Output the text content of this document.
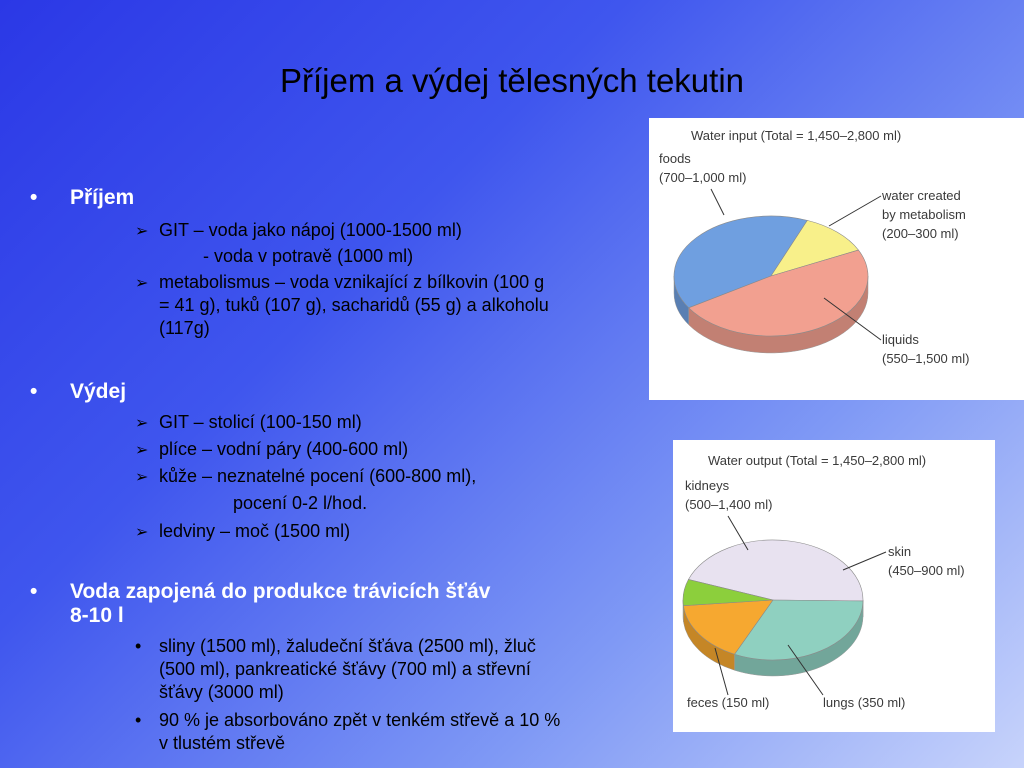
Příjem a výdej tělesných tekutin
• Příjem
➢ GIT – voda jako nápoj (1000-1500 ml)
- voda v potravě (1000 ml)
➢ metabolismus – voda vznikající z bílkovin (100 g
= 41 g), tuků (107 g), sacharidů (55 g) a alkoholu
(117g)
• Výdej
➢ GIT – stolicí (100-150 ml)
➢ plíce – vodní páry (400-600 ml)
➢ kůže – neznatelné pocení (600-800 ml),
pocení 0-2 l/hod.
➢ ledviny – moč (1500 ml)
• Voda zapojená do produkce trávicích šťáv
8-10 l
• sliny (1500 ml), žaludeční šťáva (2500 ml), žluč
(500 ml), pankreatické šťávy (700 ml) a střevní
šťávy (3000 ml)
• 90 % je absorbováno zpět v tenkém střevě a 10 %
v tlustém střevě
Water input (Total = 1,450–2,800 ml)
foods
(700–1,000 ml)
water created
by metabolism
(200–300 ml)
liquids
(550–1,500 ml)
Water output (Total = 1,450–2,800 ml)
kidneys
(500–1,400 ml)
skin
(450–900 ml)
feces (150 ml)	lungs (350 ml)
